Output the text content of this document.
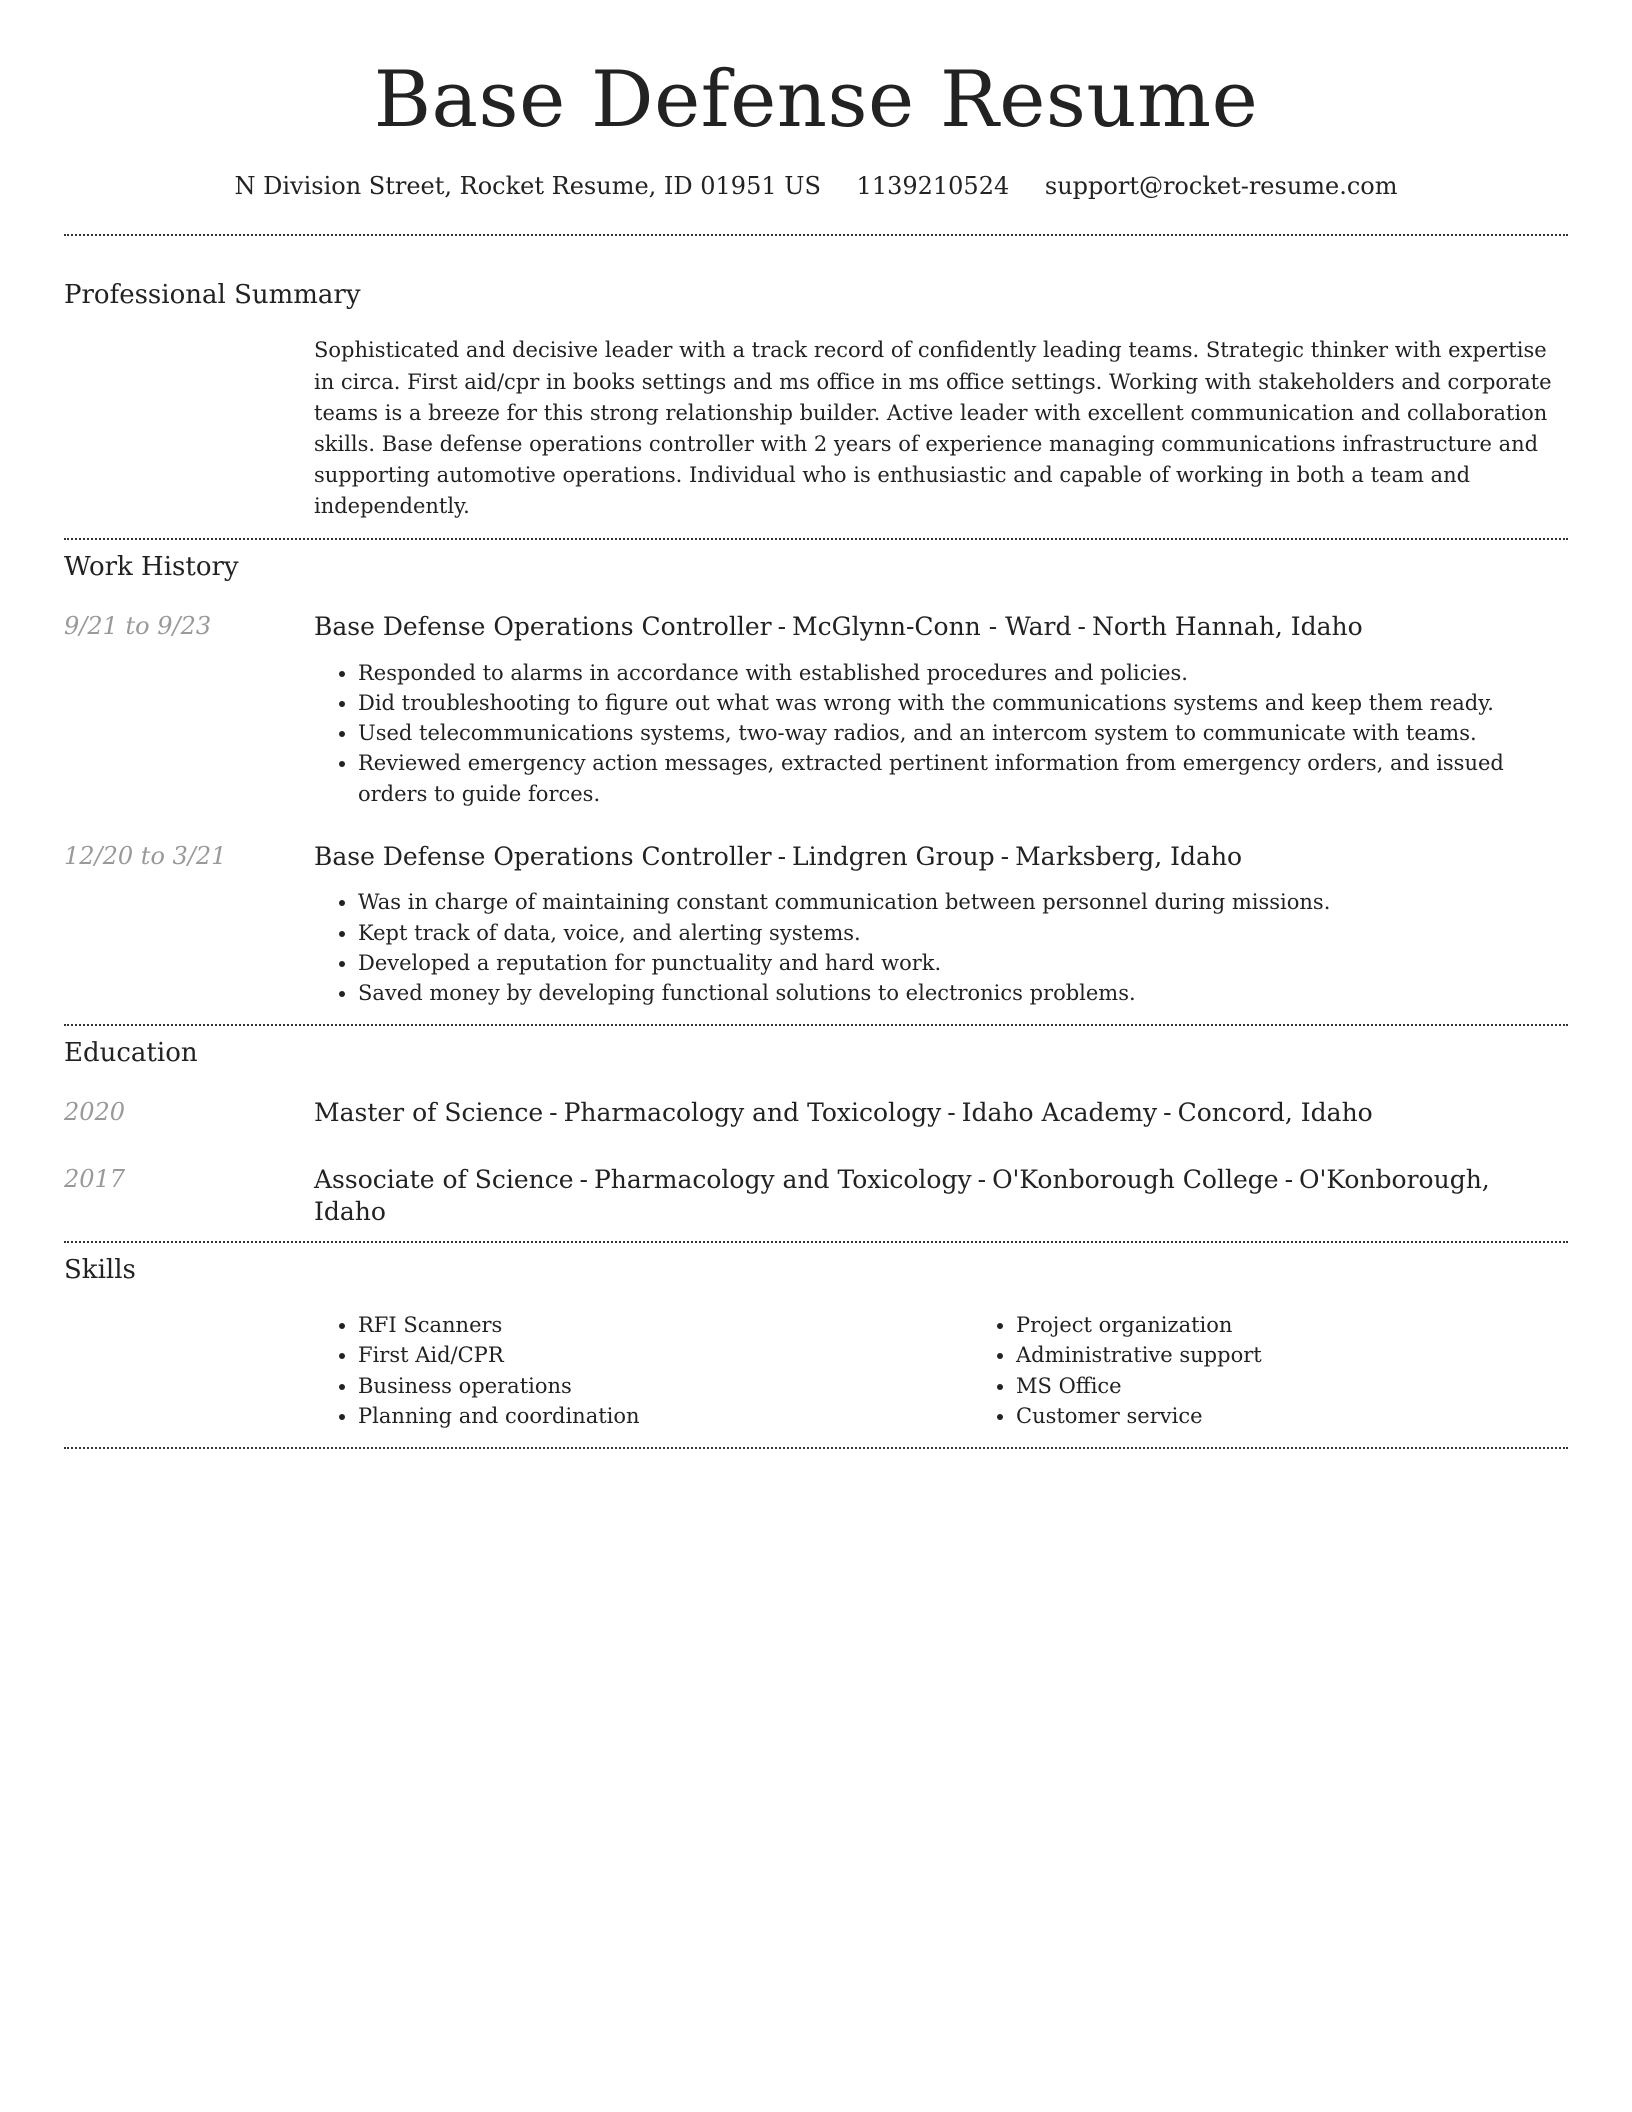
Base Defense Resume
N Division Street, Rocket Resume, ID 01951 US 1139210524 support@rocket-resume.com
Professional Summary

Sophisticated and decisive leader with a track record of confidently leading teams. Strategic thinker with expertise in circa. First aid/cpr in books settings and ms office in ms office settings. Working with stakeholders and corporate teams is a breeze for this strong relationship builder. Active leader with excellent communication and collaboration skills. Base defense operations controller with 2 years of experience managing communications infrastructure and supporting automotive operations. Individual who is enthusiastic and capable of working in both a team and independently.

Work History
9/21 to 9/23	Base Defense Operations Controller - McGlynn-Conn - Ward - North Hannah, Idaho
• Responded to alarms in accordance with established procedures and policies.
• Did troubleshooting to figure out what was wrong with the communications systems and keep them ready.
• Used telecommunications systems, two-way radios, and an intercom system to communicate with teams.
• Reviewed emergency action messages, extracted pertinent information from emergency orders, and issued orders to guide forces.
12/20 to 3/21	Base Defense Operations Controller - Lindgren Group - Marksberg, Idaho
• Was in charge of maintaining constant communication between personnel during missions.
• Kept track of data, voice, and alerting systems.
• Developed a reputation for punctuality and hard work.
• Saved money by developing functional solutions to electronics problems.
Education
2020	Master of Science - Pharmacology and Toxicology - Idaho Academy - Concord, Idaho
2017	Associate of Science - Pharmacology and Toxicology - O'Konborough College - O'Konborough, Idaho
Skills
• RFI Scanners
• First Aid/CPR
• Business operations
• Planning and coordination
• Project organization
• Administrative support
• MS Office
• Customer service
